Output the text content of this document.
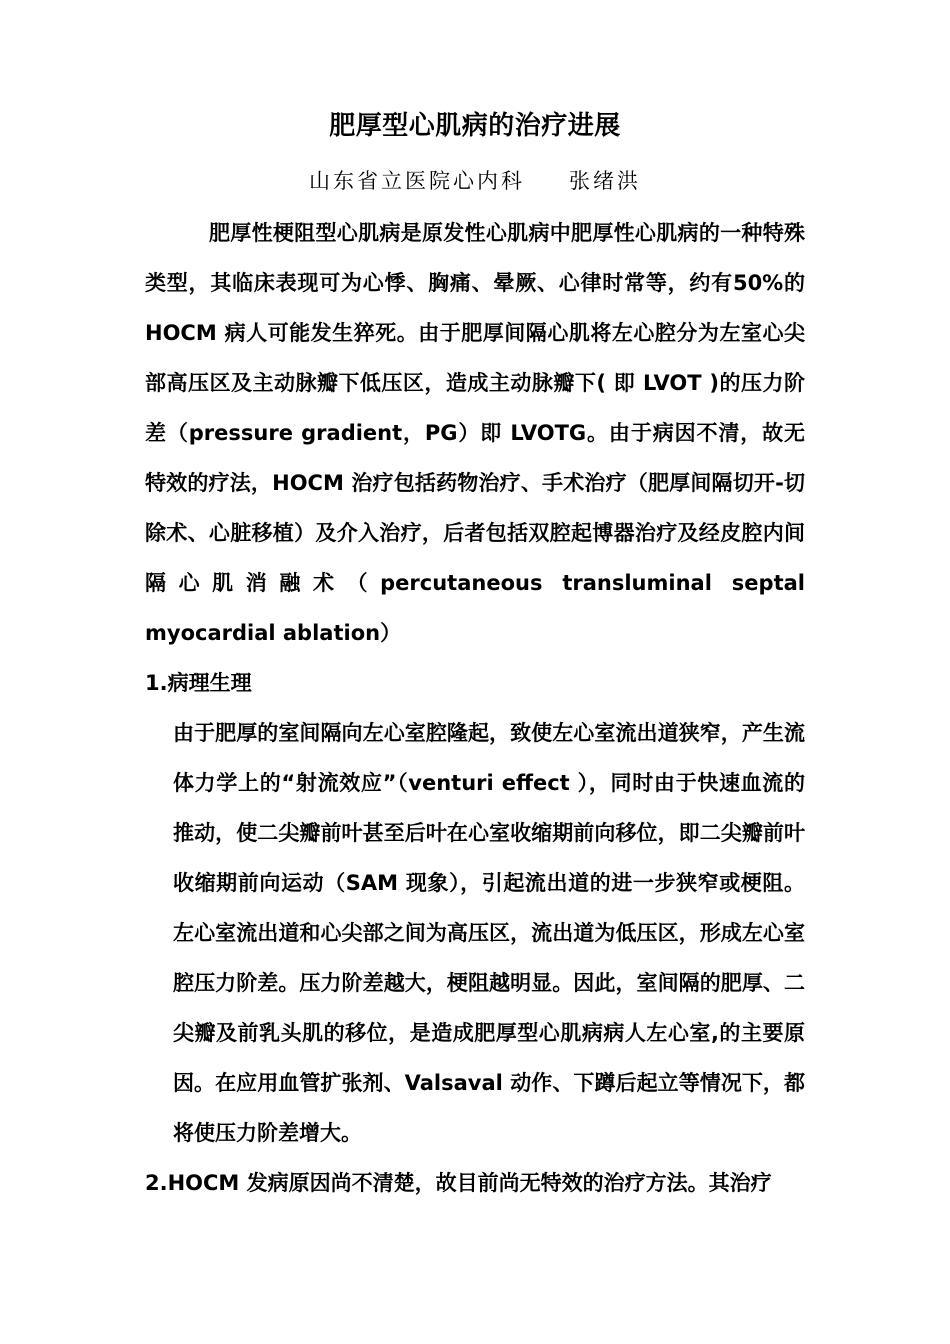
肥厚型心肌病的治疗进展
山东省立医院心内科 张绪洪
肥厚性梗阻型心肌病是原发性心肌病中肥厚性心肌病的一种特殊类型，其临床表现可为心悸、胸痛、晕厥、心律时常等，约有50%的 HOCM 病人可能发生猝死。由于肥厚间隔心肌将左心腔分为左室心尖部高压区及主动脉瓣下低压区，造成主动脉瓣下( 即 LVOT )的压力阶差（pressure gradient，PG）即 LVOTG。由于病因不清，故无特效的疗法，HOCM 治疗包括药物治疗、手术治疗（肥厚间隔切开-切除术、心脏移植）及介入治疗，后者包括双腔起博器治疗及经皮腔内间隔心肌消融术（percutaneous transluminal septal myocardial ablation）
1.病理生理
由于肥厚的室间隔向左心室腔隆起，致使左心室流出道狭窄，产生流体力学上的“射流效应”（venturi effect ），同时由于快速血流的推动，使二尖瓣前叶甚至后叶在心室收缩期前向移位，即二尖瓣前叶收缩期前向运动（SAM 现象），引起流出道的进一步狭窄或梗阻。左心室流出道和心尖部之间为高压区，流出道为低压区，形成左心室腔压力阶差。压力阶差越大，梗阻越明显。因此，室间隔的肥厚、二尖瓣及前乳头肌的移位，是造成肥厚型心肌病病人左心室,的主要原因。在应用血管扩张剂、Valsaval 动作、下蹲后起立等情况下，都将使压力阶差增大。
2.HOCM 发病原因尚不清楚，故目前尚无特效的治疗方法。其治疗
